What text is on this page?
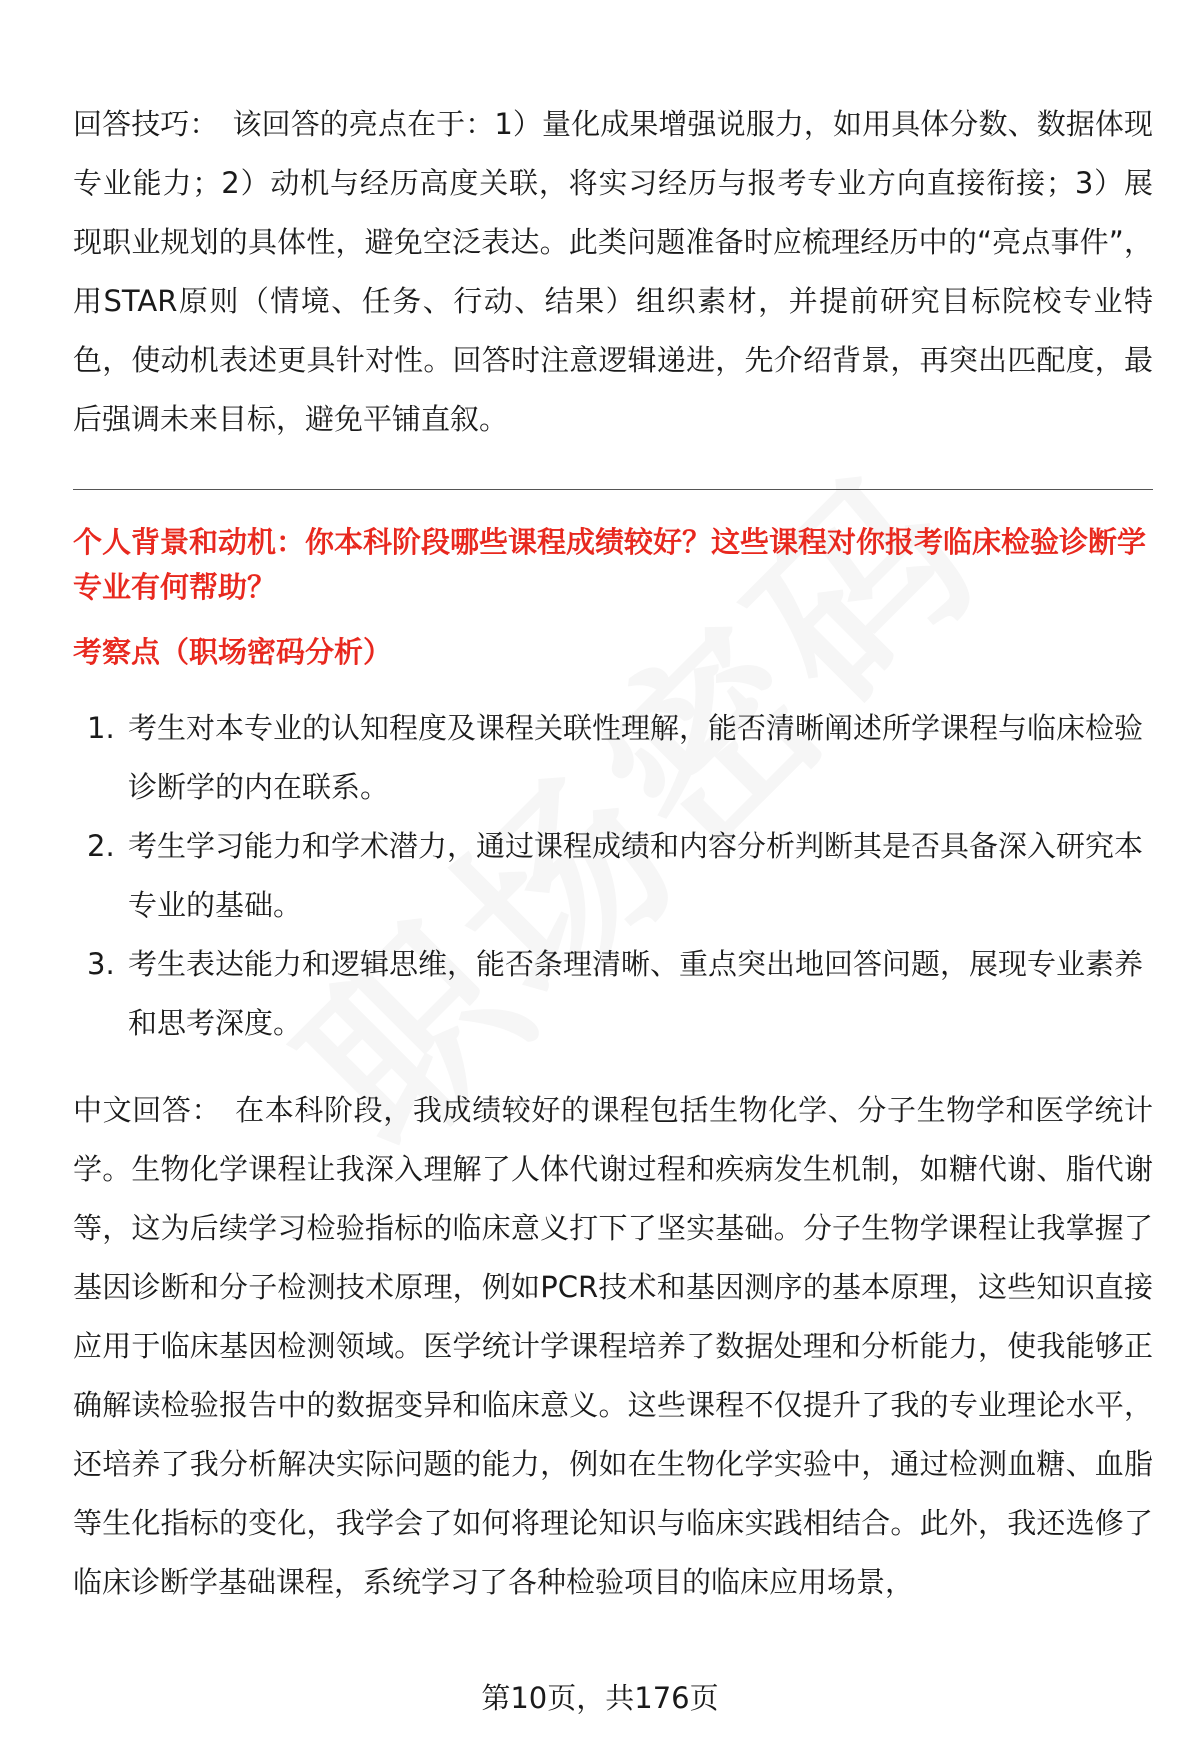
回答技巧： 该回答的亮点在于：1）量化成果增强说服力，如用具体分数、数据体现专业能力；2）动机与经历高度关联，将实习经历与报考专业方向直接衔接；3）展现职业规划的具体性，避免空泛表达。此类问题准备时应梳理经历中的“亮点事件”，用STAR原则（情境、任务、行动、结果）组织素材，并提前研究目标院校专业特色，使动机表述更具针对性。回答时注意逻辑递进，先介绍背景，再突出匹配度，最后强调未来目标，避免平铺直叙。

个人背景和动机：你本科阶段哪些课程成绩较好？这些课程对你报考临床检验诊断学专业有何帮助？
考察点（职场密码分析）
1. 考生对本专业的认知程度及课程关联性理解，能否清晰阐述所学课程与临床检验诊断学的内在联系。
2. 考生学习能力和学术潜力，通过课程成绩和内容分析判断其是否具备深入研究本专业的基础。
3. 考生表达能力和逻辑思维，能否条理清晰、重点突出地回答问题，展现专业素养和思考深度。

中文回答： 在本科阶段，我成绩较好的课程包括生物化学、分子生物学和医学统计学。生物化学课程让我深入理解了人体代谢过程和疾病发生机制，如糖代谢、脂代谢等，这为后续学习检验指标的临床意义打下了坚实基础。分子生物学课程让我掌握了基因诊断和分子检测技术原理，例如PCR技术和基因测序的基本原理，这些知识直接应用于临床基因检测领域。医学统计学课程培养了数据处理和分析能力，使我能够正确解读检验报告中的数据变异和临床意义。这些课程不仅提升了我的专业理论水平，还培养了我分析解决实际问题的能力，例如在生物化学实验中，通过检测血糖、血脂等生化指标的变化，我学会了如何将理论知识与临床实践相结合。此外，我还选修了临床诊断学基础课程，系统学习了各种检验项目的临床应用场景，

第10页，共176页
